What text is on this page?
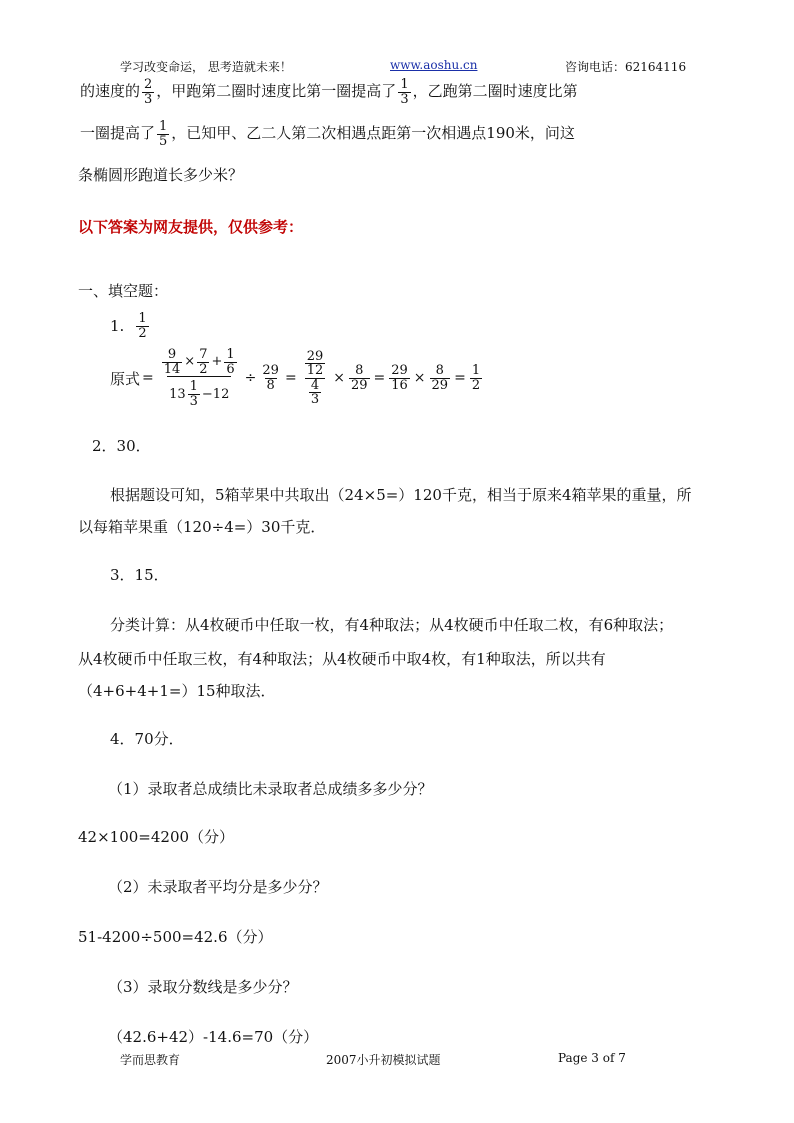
学习改变命运， 思考造就未来！	www.aoshu.cn	咨询电话：62164116
的速度的 $\frac{2}{3}$ ，甲跑第二圈时速度比第一圈提高了 $\frac{1}{3}$ ，乙跑第二圈时速度比第
一圈提高了 $\frac{1}{5}$ ，已知甲、乙二人第二次相遇点距第一次相遇点190米，问这
条椭圆形跑道长多少米？
以下答案为网友提供，仅供参考：
一、填空题：
1. $\frac{1}{2}$
原式 = $\frac{\frac{9}{14} \times \frac{7}{2} + \frac{1}{6}}{13 \frac{1}{3} -12} \div \frac{29}{8} = \frac{\frac{29}{12}}{\frac{4}{3}} \times \frac{8}{29} = \frac{29}{16} \times \frac{8}{29} = \frac{1}{2}$
2．30．
根据题设可知，5箱苹果中共取出（24×5=）120千克，相当于原来4箱苹果的重量，所
以每箱苹果重（120÷4=）30千克．
3．15．
分类计算：从4枚硬币中任取一枚，有4种取法；从4枚硬币中任取二枚，有6种取法；
从4枚硬币中任取三枚，有4种取法；从4枚硬币中取4枚，有1种取法，所以共有
（4+6+4+1=）15种取法．
4．70分．
（1）录取者总成绩比未录取者总成绩多多少分？
42×100=4200（分）
（2）未录取者平均分是多少分？
51-4200÷500=42.6（分）
（3）录取分数线是多少分？
（42.6+42）-14.6=70（分）
学而思教育	2007小升初模拟试题	Page 3 of 7
